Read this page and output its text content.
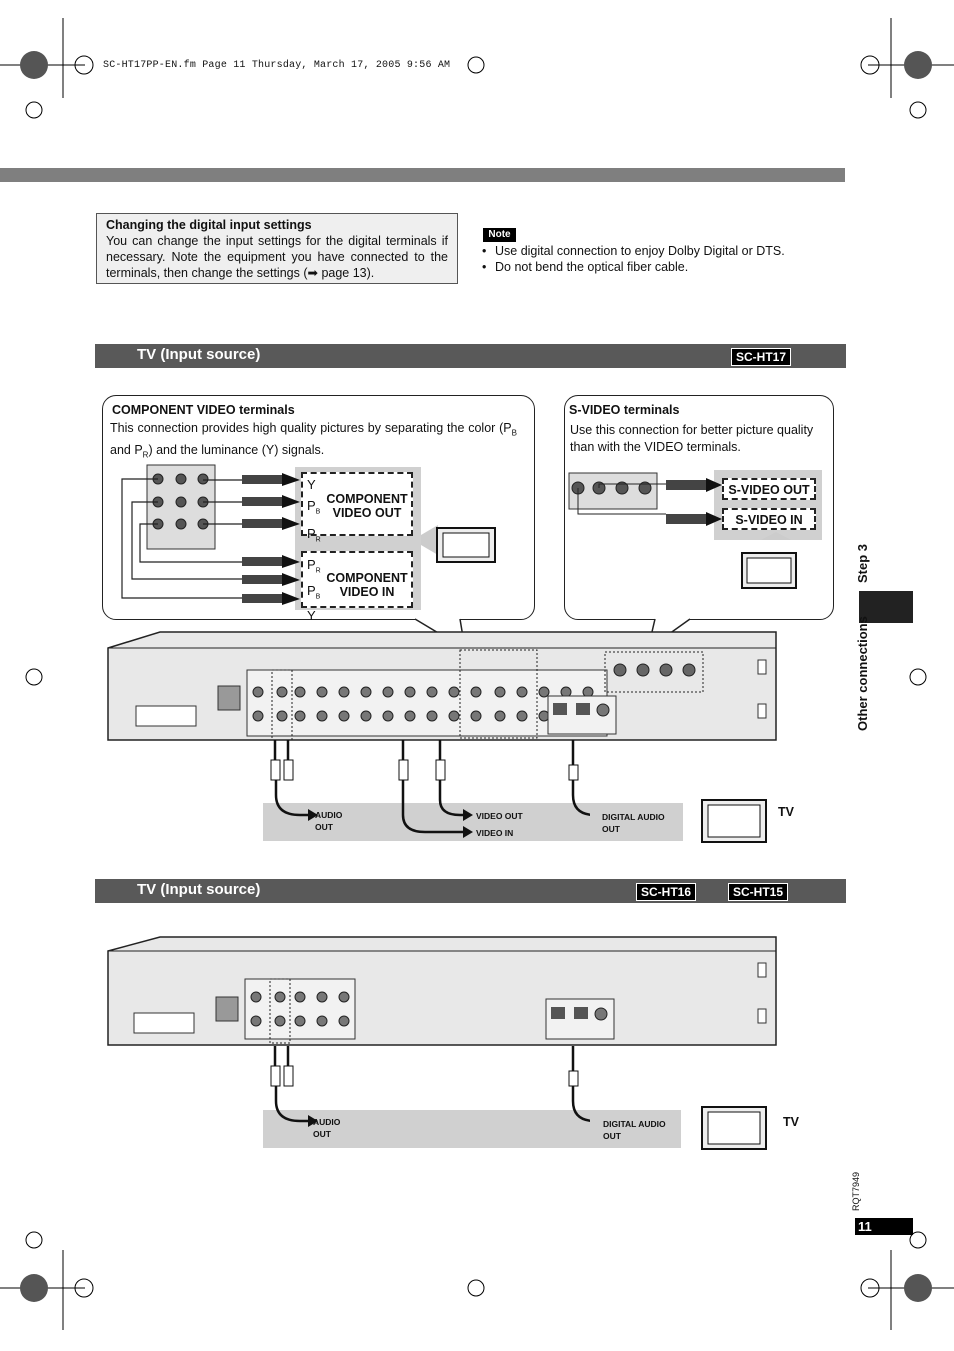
SC-HT17PP-EN.fm Page 11 Thursday, March 17, 2005 9:56 AM
Changing the digital input settings
You can change the input settings for the digital terminals if necessary. Note the equipment you have connected to the terminals, then change the settings (➡ page 13).
Note
• Use digital connection to enjoy Dolby Digital or DTS.
• Do not bend the optical fiber cable.
TV (Input source)	SC-HT17
COMPONENT VIDEO terminals
This connection provides high quality pictures by separating the color ($P_B$ and $P_R$) and the luminance (Y) signals.
COMPONENT VIDEO OUT
COMPONENT VIDEO IN
Y
$P_B$
$P_R$
$P_R$
$P_B$
Y
S-VIDEO terminals
Use this connection for better picture quality than with the VIDEO terminals.
S-VIDEO OUT
S-VIDEO IN
AUDIO OUT
VIDEO OUT
VIDEO IN
DIGITAL AUDIO OUT
TV
TV (Input source)	SC-HT16	SC-HT15
AUDIO OUT
DIGITAL AUDIO OUT
TV
Step 3
Other connections
RQT7949
11
